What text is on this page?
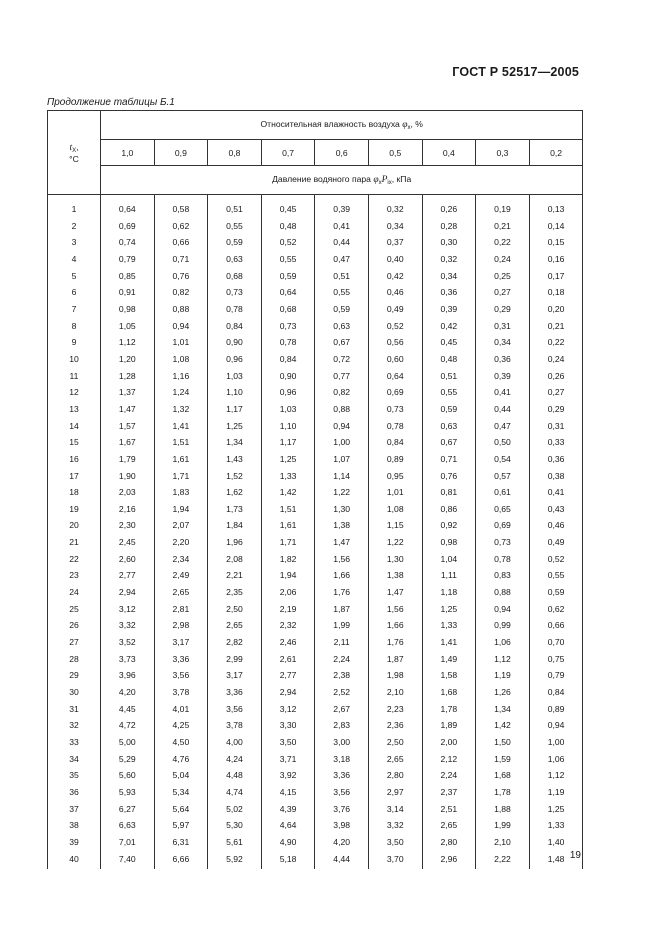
ГОСТ Р 52517—2005
Продолжение таблицы Б.1
$t_X$,
°C	Относительная влажность воздуха $\varphi_x$, %								
	1,0	0,9	0,8	0,7	0,6	0,5	0,4	0,3	0,2
	Давление водяного пара $\varphi_xP_{ix}$, кПа								
1	0,64	0,58	0,51	0,45	0,39	0,32	0,26	0,19	0,13
2	0,69	0,62	0,55	0,48	0,41	0,34	0,28	0,21	0,14
3	0,74	0,66	0,59	0,52	0,44	0,37	0,30	0,22	0,15
4	0,79	0,71	0,63	0,55	0,47	0,40	0,32	0,24	0,16
5	0,85	0,76	0,68	0,59	0,51	0,42	0,34	0,25	0,17
6	0,91	0,82	0,73	0,64	0,55	0,46	0,36	0,27	0,18
7	0,98	0,88	0,78	0,68	0,59	0,49	0,39	0,29	0,20
8	1,05	0,94	0,84	0,73	0,63	0,52	0,42	0,31	0,21
9	1,12	1,01	0,90	0,78	0,67	0,56	0,45	0,34	0,22
10	1,20	1,08	0,96	0,84	0,72	0,60	0,48	0,36	0,24
11	1,28	1,16	1,03	0,90	0,77	0,64	0,51	0,39	0,26
12	1,37	1,24	1,10	0,96	0,82	0,69	0,55	0,41	0,27
13	1,47	1,32	1,17	1,03	0,88	0,73	0,59	0,44	0,29
14	1,57	1,41	1,25	1,10	0,94	0,78	0,63	0,47	0,31
15	1,67	1,51	1,34	1,17	1,00	0,84	0,67	0,50	0,33
16	1,79	1,61	1,43	1,25	1,07	0,89	0,71	0,54	0,36
17	1,90	1,71	1,52	1,33	1,14	0,95	0,76	0,57	0,38
18	2,03	1,83	1,62	1,42	1,22	1,01	0,81	0,61	0,41
19	2,16	1,94	1,73	1,51	1,30	1,08	0,86	0,65	0,43
20	2,30	2,07	1,84	1,61	1,38	1,15	0,92	0,69	0,46
21	2,45	2,20	1,96	1,71	1,47	1,22	0,98	0,73	0,49
22	2,60	2,34	2,08	1,82	1,56	1,30	1,04	0,78	0,52
23	2,77	2,49	2,21	1,94	1,66	1,38	1,11	0,83	0,55
24	2,94	2,65	2,35	2,06	1,76	1,47	1,18	0,88	0,59
25	3,12	2,81	2,50	2,19	1,87	1,56	1,25	0,94	0,62
26	3,32	2,98	2,65	2,32	1,99	1,66	1,33	0,99	0,66
27	3,52	3,17	2,82	2,46	2,11	1,76	1,41	1,06	0,70
28	3,73	3,36	2,99	2,61	2,24	1,87	1,49	1,12	0,75
29	3,96	3,56	3,17	2,77	2,38	1,98	1,58	1,19	0,79
30	4,20	3,78	3,36	2,94	2,52	2,10	1,68	1,26	0,84
31	4,45	4,01	3,56	3,12	2,67	2,23	1,78	1,34	0,89
32	4,72	4,25	3,78	3,30	2,83	2,36	1,89	1,42	0,94
33	5,00	4,50	4,00	3,50	3,00	2,50	2,00	1,50	1,00
34	5,29	4,76	4,24	3,71	3,18	2,65	2,12	1,59	1,06
35	5,60	5,04	4,48	3,92	3,36	2,80	2,24	1,68	1,12
36	5,93	5,34	4,74	4,15	3,56	2,97	2,37	1,78	1,19
37	6,27	5,64	5,02	4,39	3,76	3,14	2,51	1,88	1,25
38	6,63	5,97	5,30	4,64	3,98	3,32	2,65	1,99	1,33
39	7,01	6,31	5,61	4,90	4,20	3,50	2,80	2,10	1,40
40	7,40	6,66	5,92	5,18	4,44	3,70	2,96	2,22	1,48 19
